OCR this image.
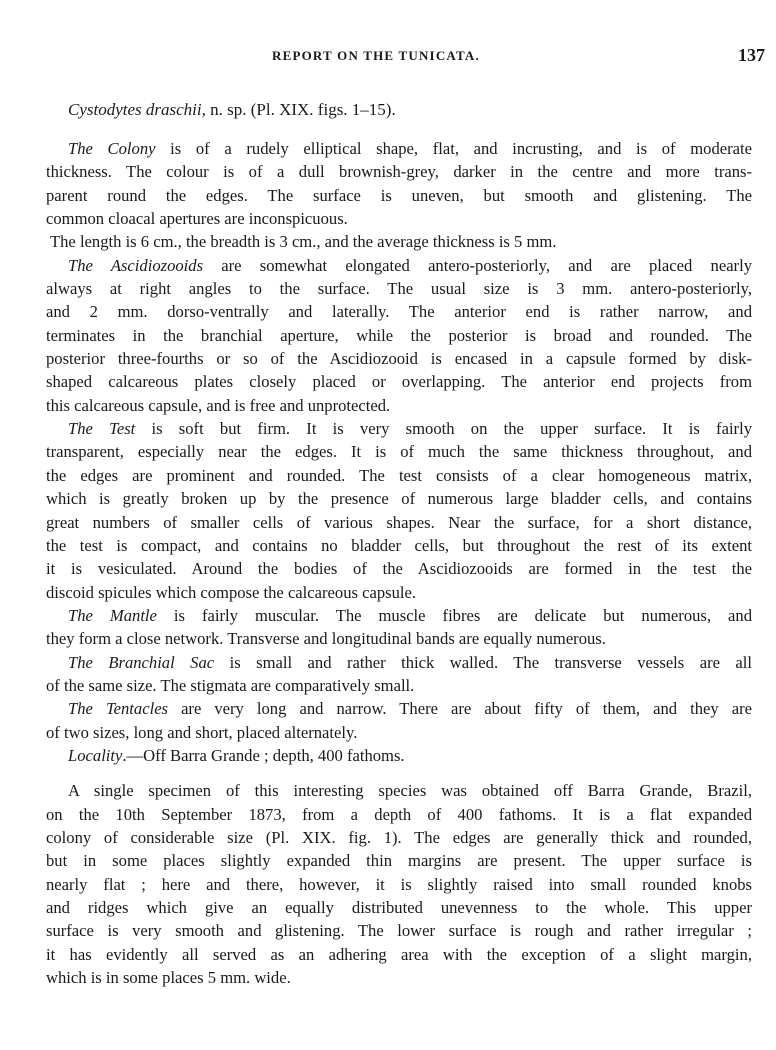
REPORT ON THE TUNICATA.	137
Cystodytes draschii, n. sp. (Pl. XIX. figs. 1–15).
The Colony is of a rudely elliptical shape, flat, and incrusting, and is of moderate
thickness. The colour is of a dull brownish-grey, darker in the centre and more trans-
parent round the edges. The surface is uneven, but smooth and glistening. The
common cloacal apertures are inconspicuous.
The length is 6 cm., the breadth is 3 cm., and the average thickness is 5 mm.
The Ascidiozooids are somewhat elongated antero-posteriorly, and are placed nearly
always at right angles to the surface. The usual size is 3 mm. antero-posteriorly,
and 2 mm. dorso-ventrally and laterally. The anterior end is rather narrow, and
terminates in the branchial aperture, while the posterior is broad and rounded. The
posterior three-fourths or so of the Ascidiozooid is encased in a capsule formed by disk-
shaped calcareous plates closely placed or overlapping. The anterior end projects from
this calcareous capsule, and is free and unprotected.
The Test is soft but firm. It is very smooth on the upper surface. It is fairly
transparent, especially near the edges. It is of much the same thickness throughout, and
the edges are prominent and rounded. The test consists of a clear homogeneous matrix,
which is greatly broken up by the presence of numerous large bladder cells, and contains
great numbers of smaller cells of various shapes. Near the surface, for a short distance,
the test is compact, and contains no bladder cells, but throughout the rest of its extent
it is vesiculated. Around the bodies of the Ascidiozooids are formed in the test the
discoid spicules which compose the calcareous capsule.
The Mantle is fairly muscular. The muscle fibres are delicate but numerous, and
they form a close network. Transverse and longitudinal bands are equally numerous.
The Branchial Sac is small and rather thick walled. The transverse vessels are all
of the same size. The stigmata are comparatively small.
The Tentacles are very long and narrow. There are about fifty of them, and they are
of two sizes, long and short, placed alternately.
Locality.—Off Barra Grande ; depth, 400 fathoms.
A single specimen of this interesting species was obtained off Barra Grande, Brazil,
on the 10th September 1873, from a depth of 400 fathoms. It is a flat expanded
colony of considerable size (Pl. XIX. fig. 1). The edges are generally thick and rounded,
but in some places slightly expanded thin margins are present. The upper surface is
nearly flat ; here and there, however, it is slightly raised into small rounded knobs
and ridges which give an equally distributed unevenness to the whole. This upper
surface is very smooth and glistening. The lower surface is rough and rather irregular ;
it has evidently all served as an adhering area with the exception of a slight margin,
which is in some places 5 mm. wide.
